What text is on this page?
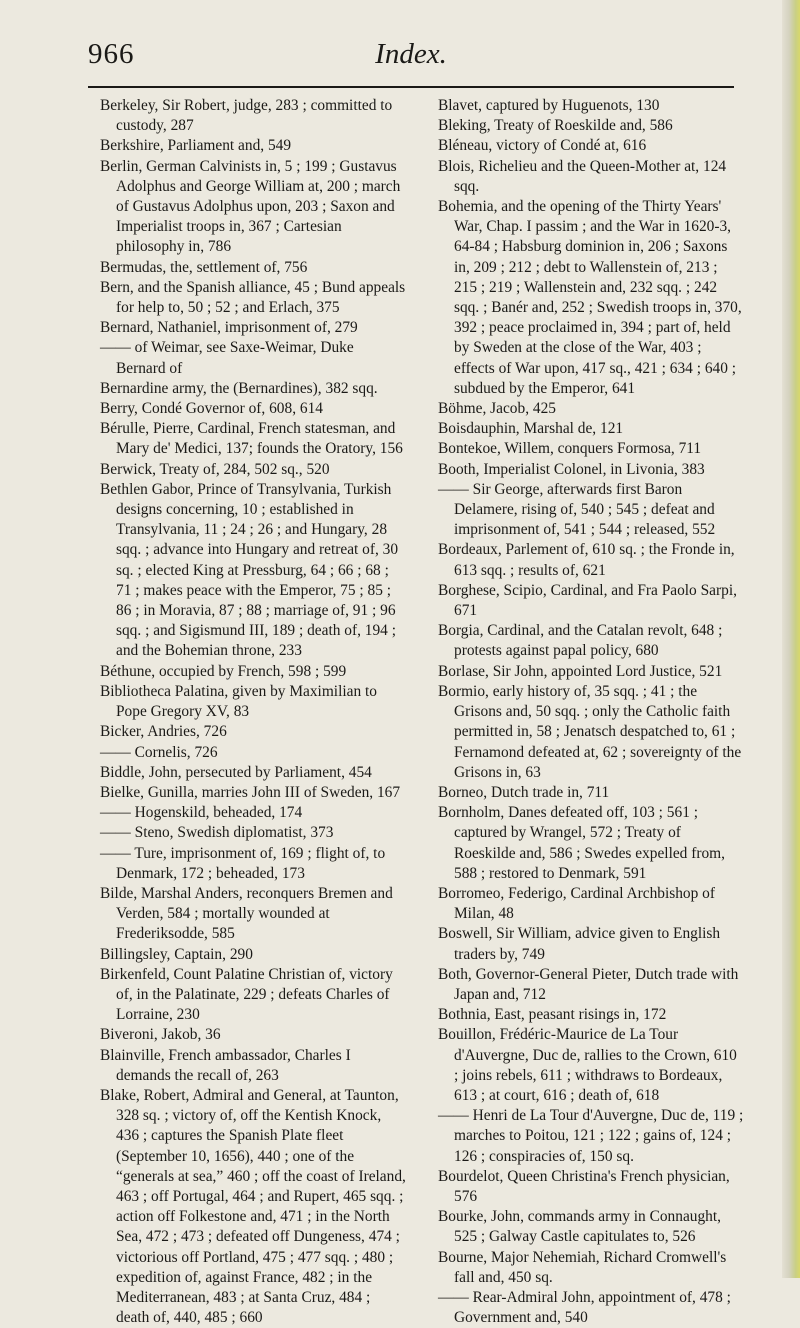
966	Index.

Berkeley, Sir Robert, judge, 283 ; committed to custody, 287

Berkshire, Parliament and, 549

Berlin, German Calvinists in, 5 ; 199 ; Gustavus Adolphus and George William at, 200 ; march of Gustavus Adolphus upon, 203 ; Saxon and Imperialist troops in, 367 ; Cartesian philosophy in, 786

Bermudas, the, settlement of, 756

Bern, and the Spanish alliance, 45 ; Bund appeals for help to, 50 ; 52 ; and Erlach, 375

Bernard, Nathaniel, imprisonment of, 279

—— of Weimar, see Saxe-Weimar, Duke Bernard of

Bernardine army, the (Bernardines), 382 sqq.

Berry, Condé Governor of, 608, 614

Bérulle, Pierre, Cardinal, French statesman, and Mary de' Medici, 137; founds the Oratory, 156

Berwick, Treaty of, 284, 502 sq., 520

Bethlen Gabor, Prince of Transylvania, Turkish designs concerning, 10 ; established in Transylvania, 11 ; 24 ; 26 ; and Hungary, 28 sqq. ; advance into Hungary and retreat of, 30 sq. ; elected King at Pressburg, 64 ; 66 ; 68 ; 71 ; makes peace with the Emperor, 75 ; 85 ; 86 ; in Moravia, 87 ; 88 ; marriage of, 91 ; 96 sqq. ; and Sigismund III, 189 ; death of, 194 ; and the Bohemian throne, 233

Béthune, occupied by French, 598 ; 599

Bibliotheca Palatina, given by Maximilian to Pope Gregory XV, 83

Bicker, Andries, 726

—— Cornelis, 726

Biddle, John, persecuted by Parliament, 454

Bielke, Gunilla, marries John III of Sweden, 167

—— Hogenskild, beheaded, 174

—— Steno, Swedish diplomatist, 373

—— Ture, imprisonment of, 169 ; flight of, to Denmark, 172 ; beheaded, 173

Bilde, Marshal Anders, reconquers Bremen and Verden, 584 ; mortally wounded at Frederiksodde, 585

Billingsley, Captain, 290

Birkenfeld, Count Palatine Christian of, victory of, in the Palatinate, 229 ; defeats Charles of Lorraine, 230

Biveroni, Jakob, 36

Blainville, French ambassador, Charles I demands the recall of, 263

Blake, Robert, Admiral and General, at Taunton, 328 sq. ; victory of, off the Kentish Knock, 436 ; captures the Spanish Plate fleet (September 10, 1656), 440 ; one of the “generals at sea,” 460 ; off the coast of Ireland, 463 ; off Portugal, 464 ; and Rupert, 465 sqq. ; action off Folkestone and, 471 ; in the North Sea, 472 ; 473 ; defeated off Dungeness, 474 ; victorious off Portland, 475 ; 477 sqq. ; 480 ; expedition of, against France, 482 ; in the Mediterranean, 483 ; at Santa Cruz, 484 ; death of, 440, 485 ; 660

Blavet, captured by Huguenots, 130

Bleking, Treaty of Roeskilde and, 586

Bléneau, victory of Condé at, 616

Blois, Richelieu and the Queen-Mother at, 124 sqq.

Bohemia, and the opening of the Thirty Years' War, Chap. I passim ; and the War in 1620-3, 64-84 ; Habsburg dominion in, 206 ; Saxons in, 209 ; 212 ; debt to Wallenstein of, 213 ; 215 ; 219 ; Wallenstein and, 232 sqq. ; 242 sqq. ; Banér and, 252 ; Swedish troops in, 370, 392 ; peace proclaimed in, 394 ; part of, held by Sweden at the close of the War, 403 ; effects of War upon, 417 sq., 421 ; 634 ; 640 ; subdued by the Emperor, 641

Böhme, Jacob, 425

Boisdauphin, Marshal de, 121

Bontekoe, Willem, conquers Formosa, 711

Booth, Imperialist Colonel, in Livonia, 383

—— Sir George, afterwards first Baron Delamere, rising of, 540 ; 545 ; defeat and imprisonment of, 541 ; 544 ; released, 552

Bordeaux, Parlement of, 610 sq. ; the Fronde in, 613 sqq. ; results of, 621

Borghese, Scipio, Cardinal, and Fra Paolo Sarpi, 671

Borgia, Cardinal, and the Catalan revolt, 648 ; protests against papal policy, 680

Borlase, Sir John, appointed Lord Justice, 521

Bormio, early history of, 35 sqq. ; 41 ; the Grisons and, 50 sqq. ; only the Catholic faith permitted in, 58 ; Jenatsch despatched to, 61 ; Fernamond defeated at, 62 ; sovereignty of the Grisons in, 63

Borneo, Dutch trade in, 711

Bornholm, Danes defeated off, 103 ; 561 ; captured by Wrangel, 572 ; Treaty of Roeskilde and, 586 ; Swedes expelled from, 588 ; restored to Denmark, 591

Borromeo, Federigo, Cardinal Archbishop of Milan, 48

Boswell, Sir William, advice given to English traders by, 749

Both, Governor-General Pieter, Dutch trade with Japan and, 712

Bothnia, East, peasant risings in, 172

Bouillon, Frédéric-Maurice de La Tour d'Auvergne, Duc de, rallies to the Crown, 610 ; joins rebels, 611 ; withdraws to Bordeaux, 613 ; at court, 616 ; death of, 618

—— Henri de La Tour d'Auvergne, Duc de, 119 ; marches to Poitou, 121 ; 122 ; gains of, 124 ; 126 ; conspiracies of, 150 sq.

Bourdelot, Queen Christina's French physician, 576

Bourke, John, commands army in Connaught, 525 ; Galway Castle capitulates to, 526

Bourne, Major Nehemiah, Richard Cromwell's fall and, 450 sq.

—— Rear-Admiral John, appointment of, 478 ; Government and, 540
